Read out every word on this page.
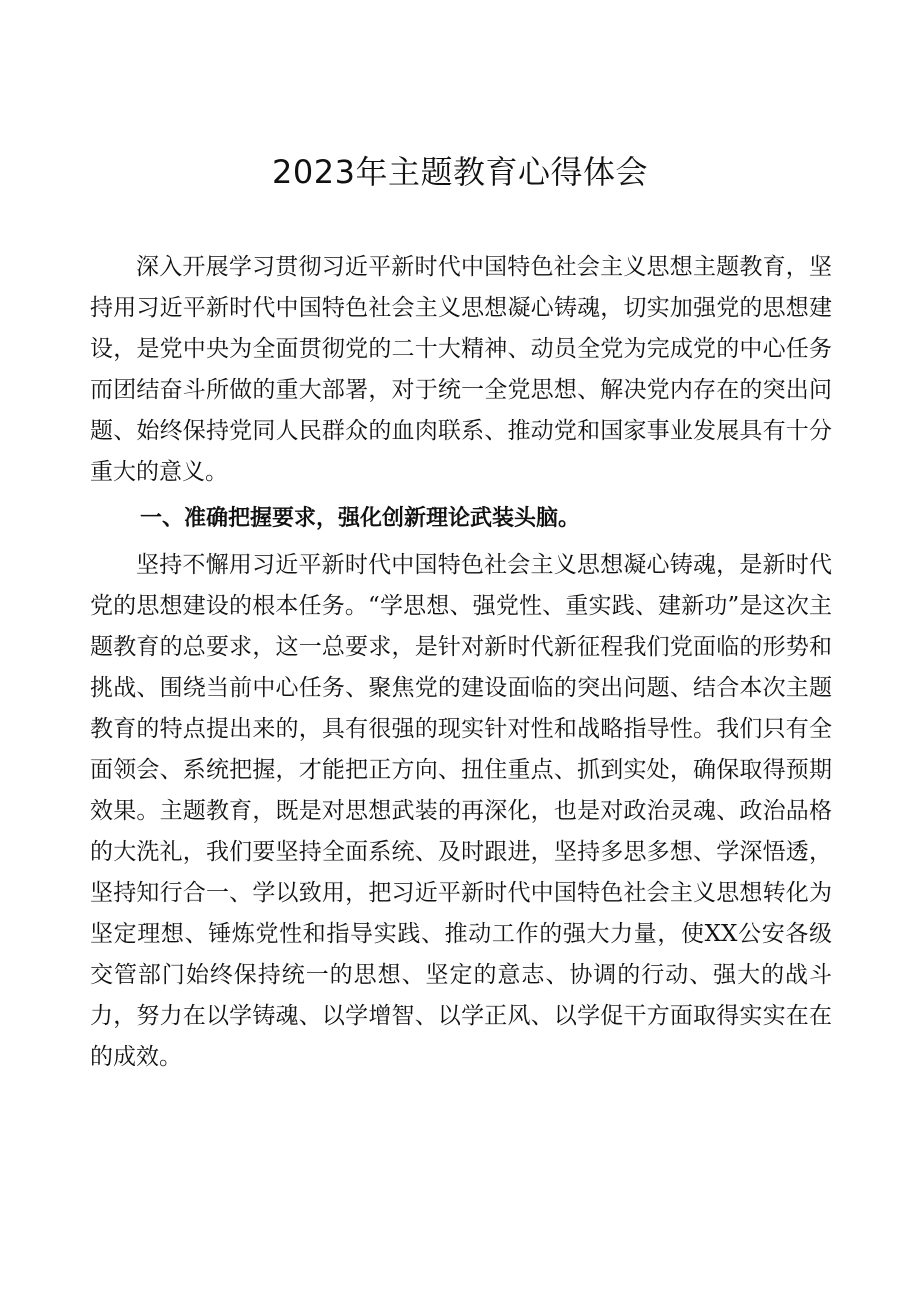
2023年主题教育心得体会

深入开展学习贯彻习近平新时代中国特色社会主义思想主题教育，坚持用习近平新时代中国特色社会主义思想凝心铸魂，切实加强党的思想建设，是党中央为全面贯彻党的二十大精神、动员全党为完成党的中心任务而团结奋斗所做的重大部署，对于统一全党思想、解决党内存在的突出问题、始终保持党同人民群众的血肉联系、推动党和国家事业发展具有十分重大的意义。

一、准确把握要求，强化创新理论武装头脑。

坚持不懈用习近平新时代中国特色社会主义思想凝心铸魂，是新时代党的思想建设的根本任务。“学思想、强党性、重实践、建新功”是这次主题教育的总要求，这一总要求，是针对新时代新征程我们党面临的形势和挑战、围绕当前中心任务、聚焦党的建设面临的突出问题、结合本次主题教育的特点提出来的，具有很强的现实针对性和战略指导性。我们只有全面领会、系统把握，才能把正方向、扭住重点、抓到实处，确保取得预期效果。主题教育，既是对思想武装的再深化，也是对政治灵魂、政治品格的大洗礼，我们要坚持全面系统、及时跟进，坚持多思多想、学深悟透，坚持知行合一、学以致用，把习近平新时代中国特色社会主义思想转化为坚定理想、锤炼党性和指导实践、推动工作的强大力量，使XX公安各级交管部门始终保持统一的思想、坚定的意志、协调的行动、强大的战斗力，努力在以学铸魂、以学增智、以学正风、以学促干方面取得实实在在的成效。
